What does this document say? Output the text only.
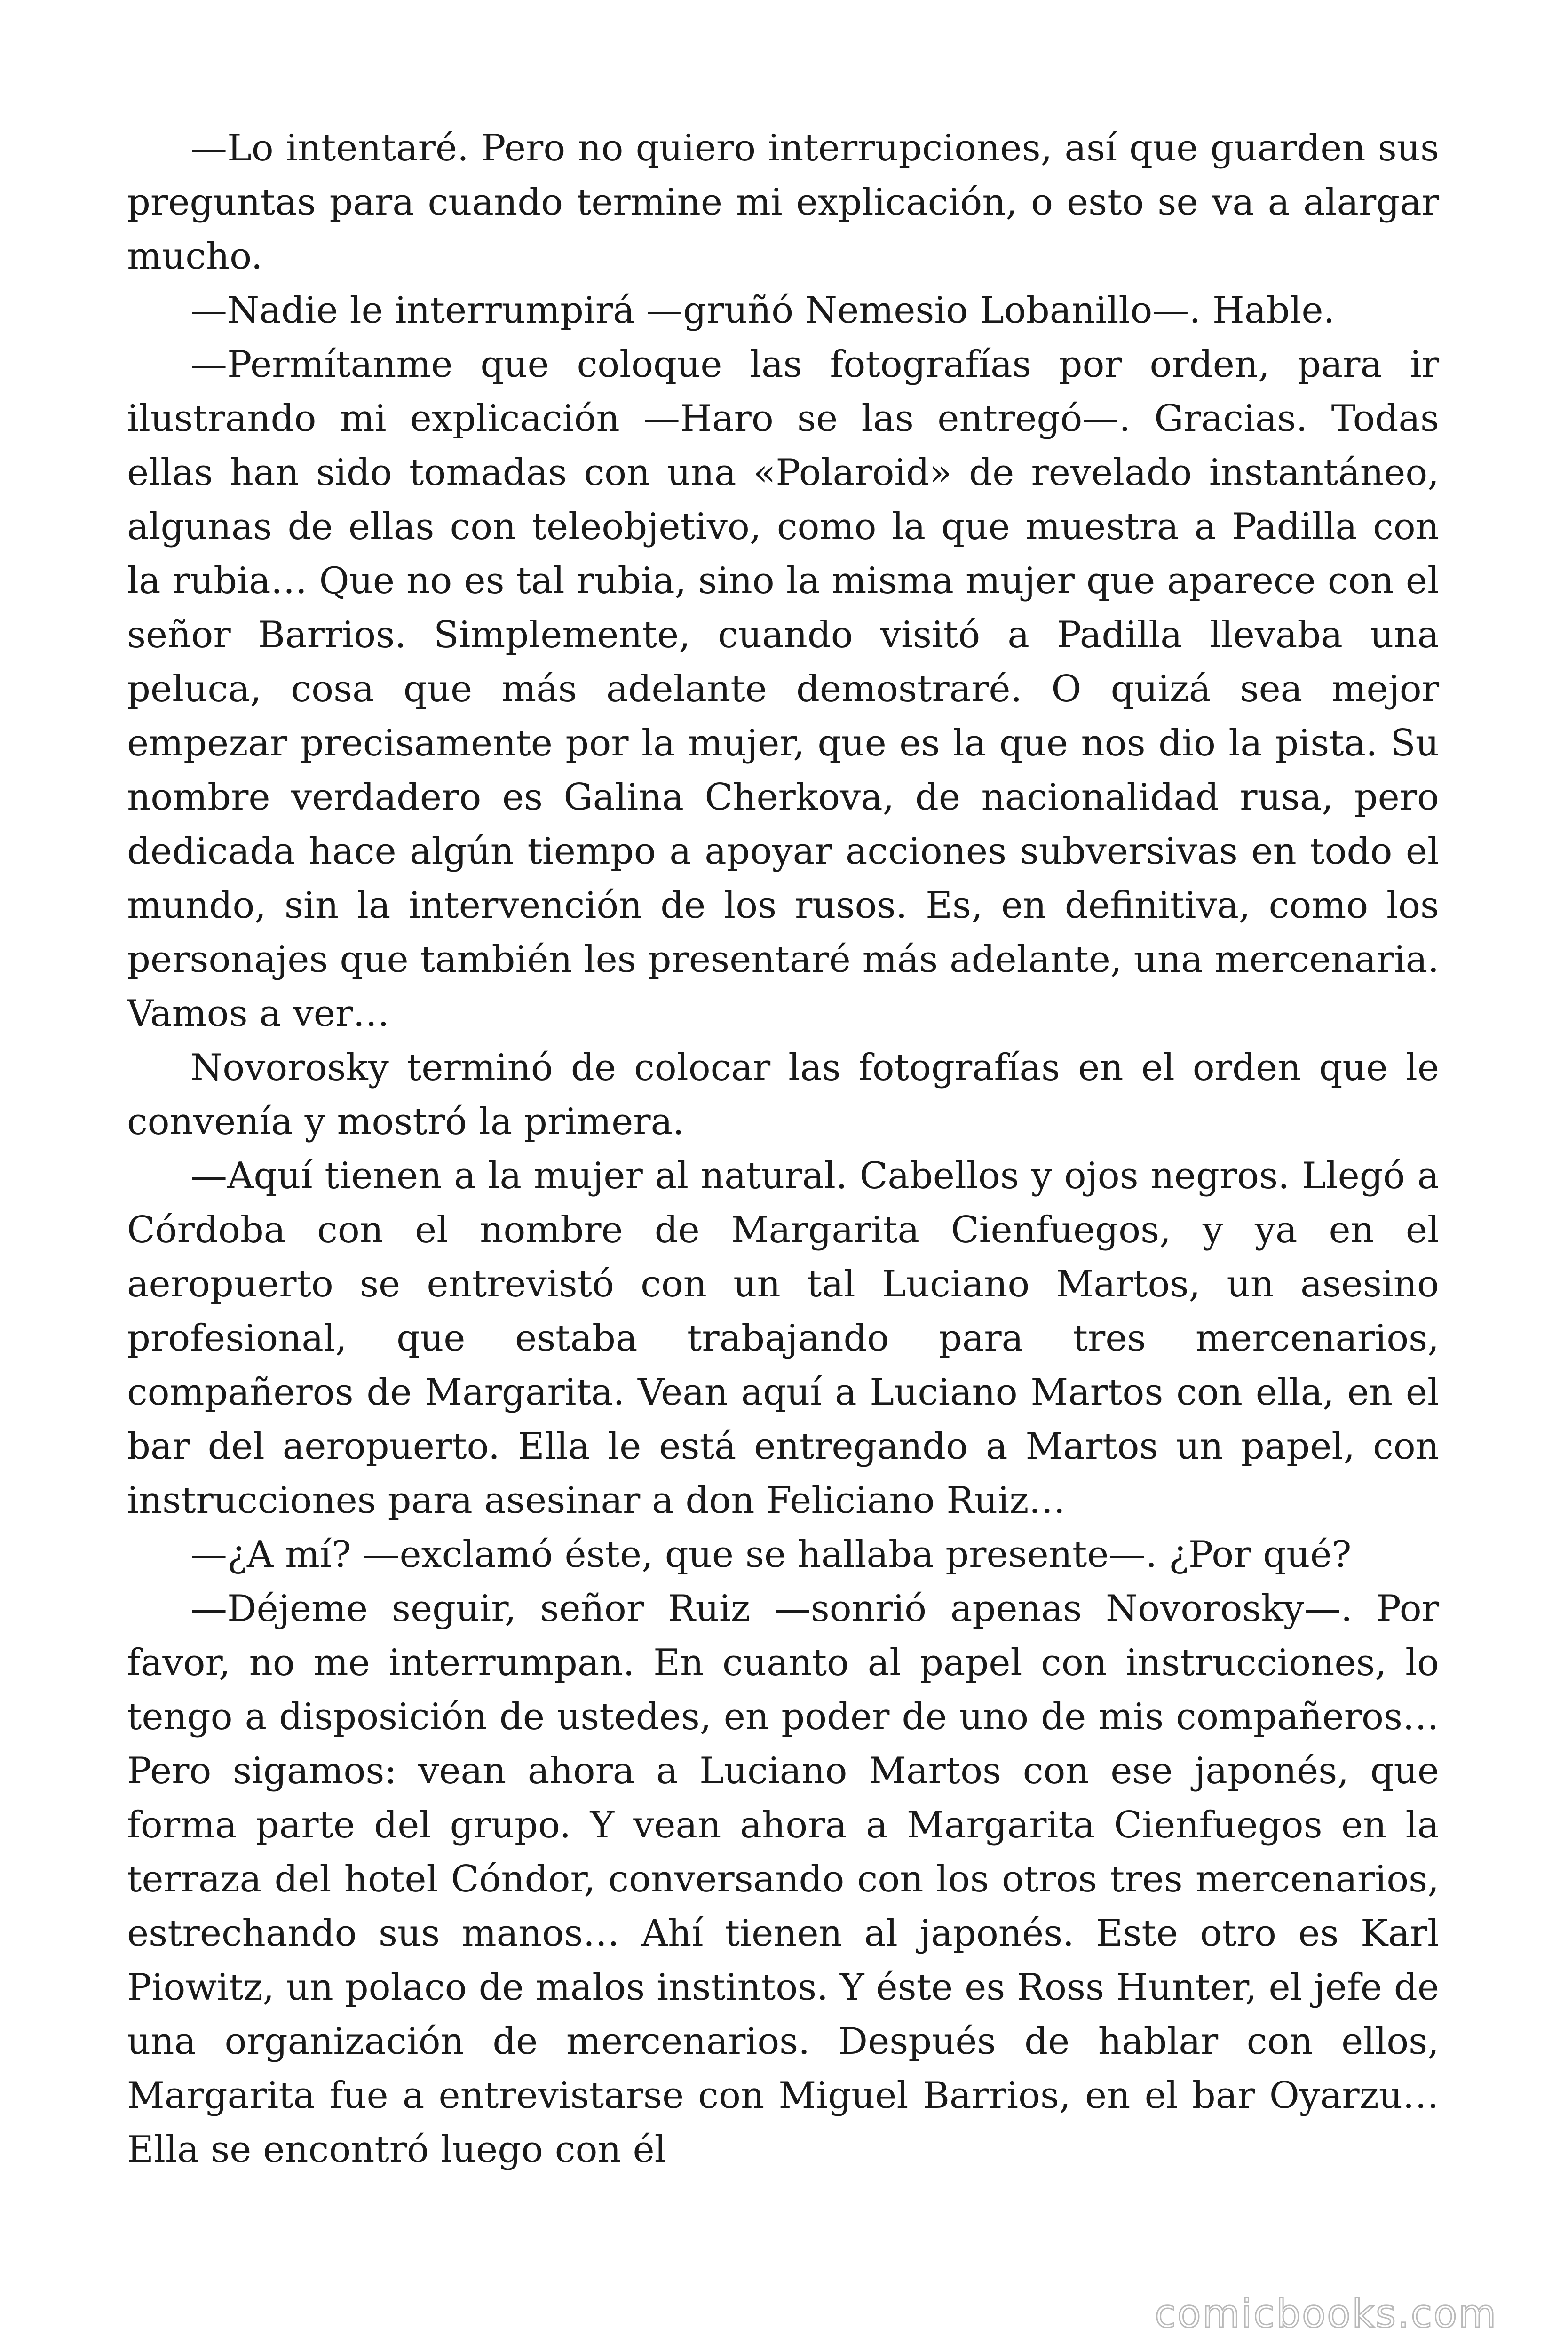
—Lo intentaré. Pero no quiero interrupciones, así que guarden sus preguntas para cuando termine mi explicación, o esto se va a alargar mucho.

—Nadie le interrumpirá —gruñó Nemesio Lobanillo—. Hable.

—Permítanme que coloque las fotografías por orden, para ir ilustrando mi explicación —Haro se las entregó—. Gracias. Todas ellas han sido tomadas con una «Polaroid» de revelado instantáneo, algunas de ellas con teleobjetivo, como la que muestra a Padilla con la rubia… Que no es tal rubia, sino la misma mujer que aparece con el señor Barrios. Simplemente, cuando visitó a Padilla llevaba una peluca, cosa que más adelante demostraré. O quizá sea mejor empezar precisamente por la mujer, que es la que nos dio la pista. Su nombre verdadero es Galina Cherkova, de nacionalidad rusa, pero dedicada hace algún tiempo a apoyar acciones subversivas en todo el mundo, sin la intervención de los rusos. Es, en definitiva, como los personajes que también les presentaré más adelante, una mercenaria. Vamos a ver…

Novorosky terminó de colocar las fotografías en el orden que le convenía y mostró la primera.

—Aquí tienen a la mujer al natural. Cabellos y ojos negros. Llegó a Córdoba con el nombre de Margarita Cienfuegos, y ya en el aeropuerto se entrevistó con un tal Luciano Martos, un asesino profesional, que estaba trabajando para tres mercenarios, compañeros de Margarita. Vean aquí a Luciano Martos con ella, en el bar del aeropuerto. Ella le está entregando a Martos un papel, con instrucciones para asesinar a don Feliciano Ruiz…

—¿A mí? —exclamó éste, que se hallaba presente—. ¿Por qué?

—Déjeme seguir, señor Ruiz —sonrió apenas Novorosky—. Por favor, no me interrumpan. En cuanto al papel con instrucciones, lo tengo a disposición de ustedes, en poder de uno de mis compañeros… Pero sigamos: vean ahora a Luciano Martos con ese japonés, que forma parte del grupo. Y vean ahora a Margarita Cienfuegos en la terraza del hotel Cóndor, conversando con los otros tres mercenarios, estrechando sus manos… Ahí tienen al japonés. Este otro es Karl Piowitz, un polaco de malos instintos. Y éste es Ross Hunter, el jefe de una organización de mercenarios. Después de hablar con ellos, Margarita fue a entrevistarse con Miguel Barrios, en el bar Oyarzu… Ella se encontró luego con él

comicbooks.com
